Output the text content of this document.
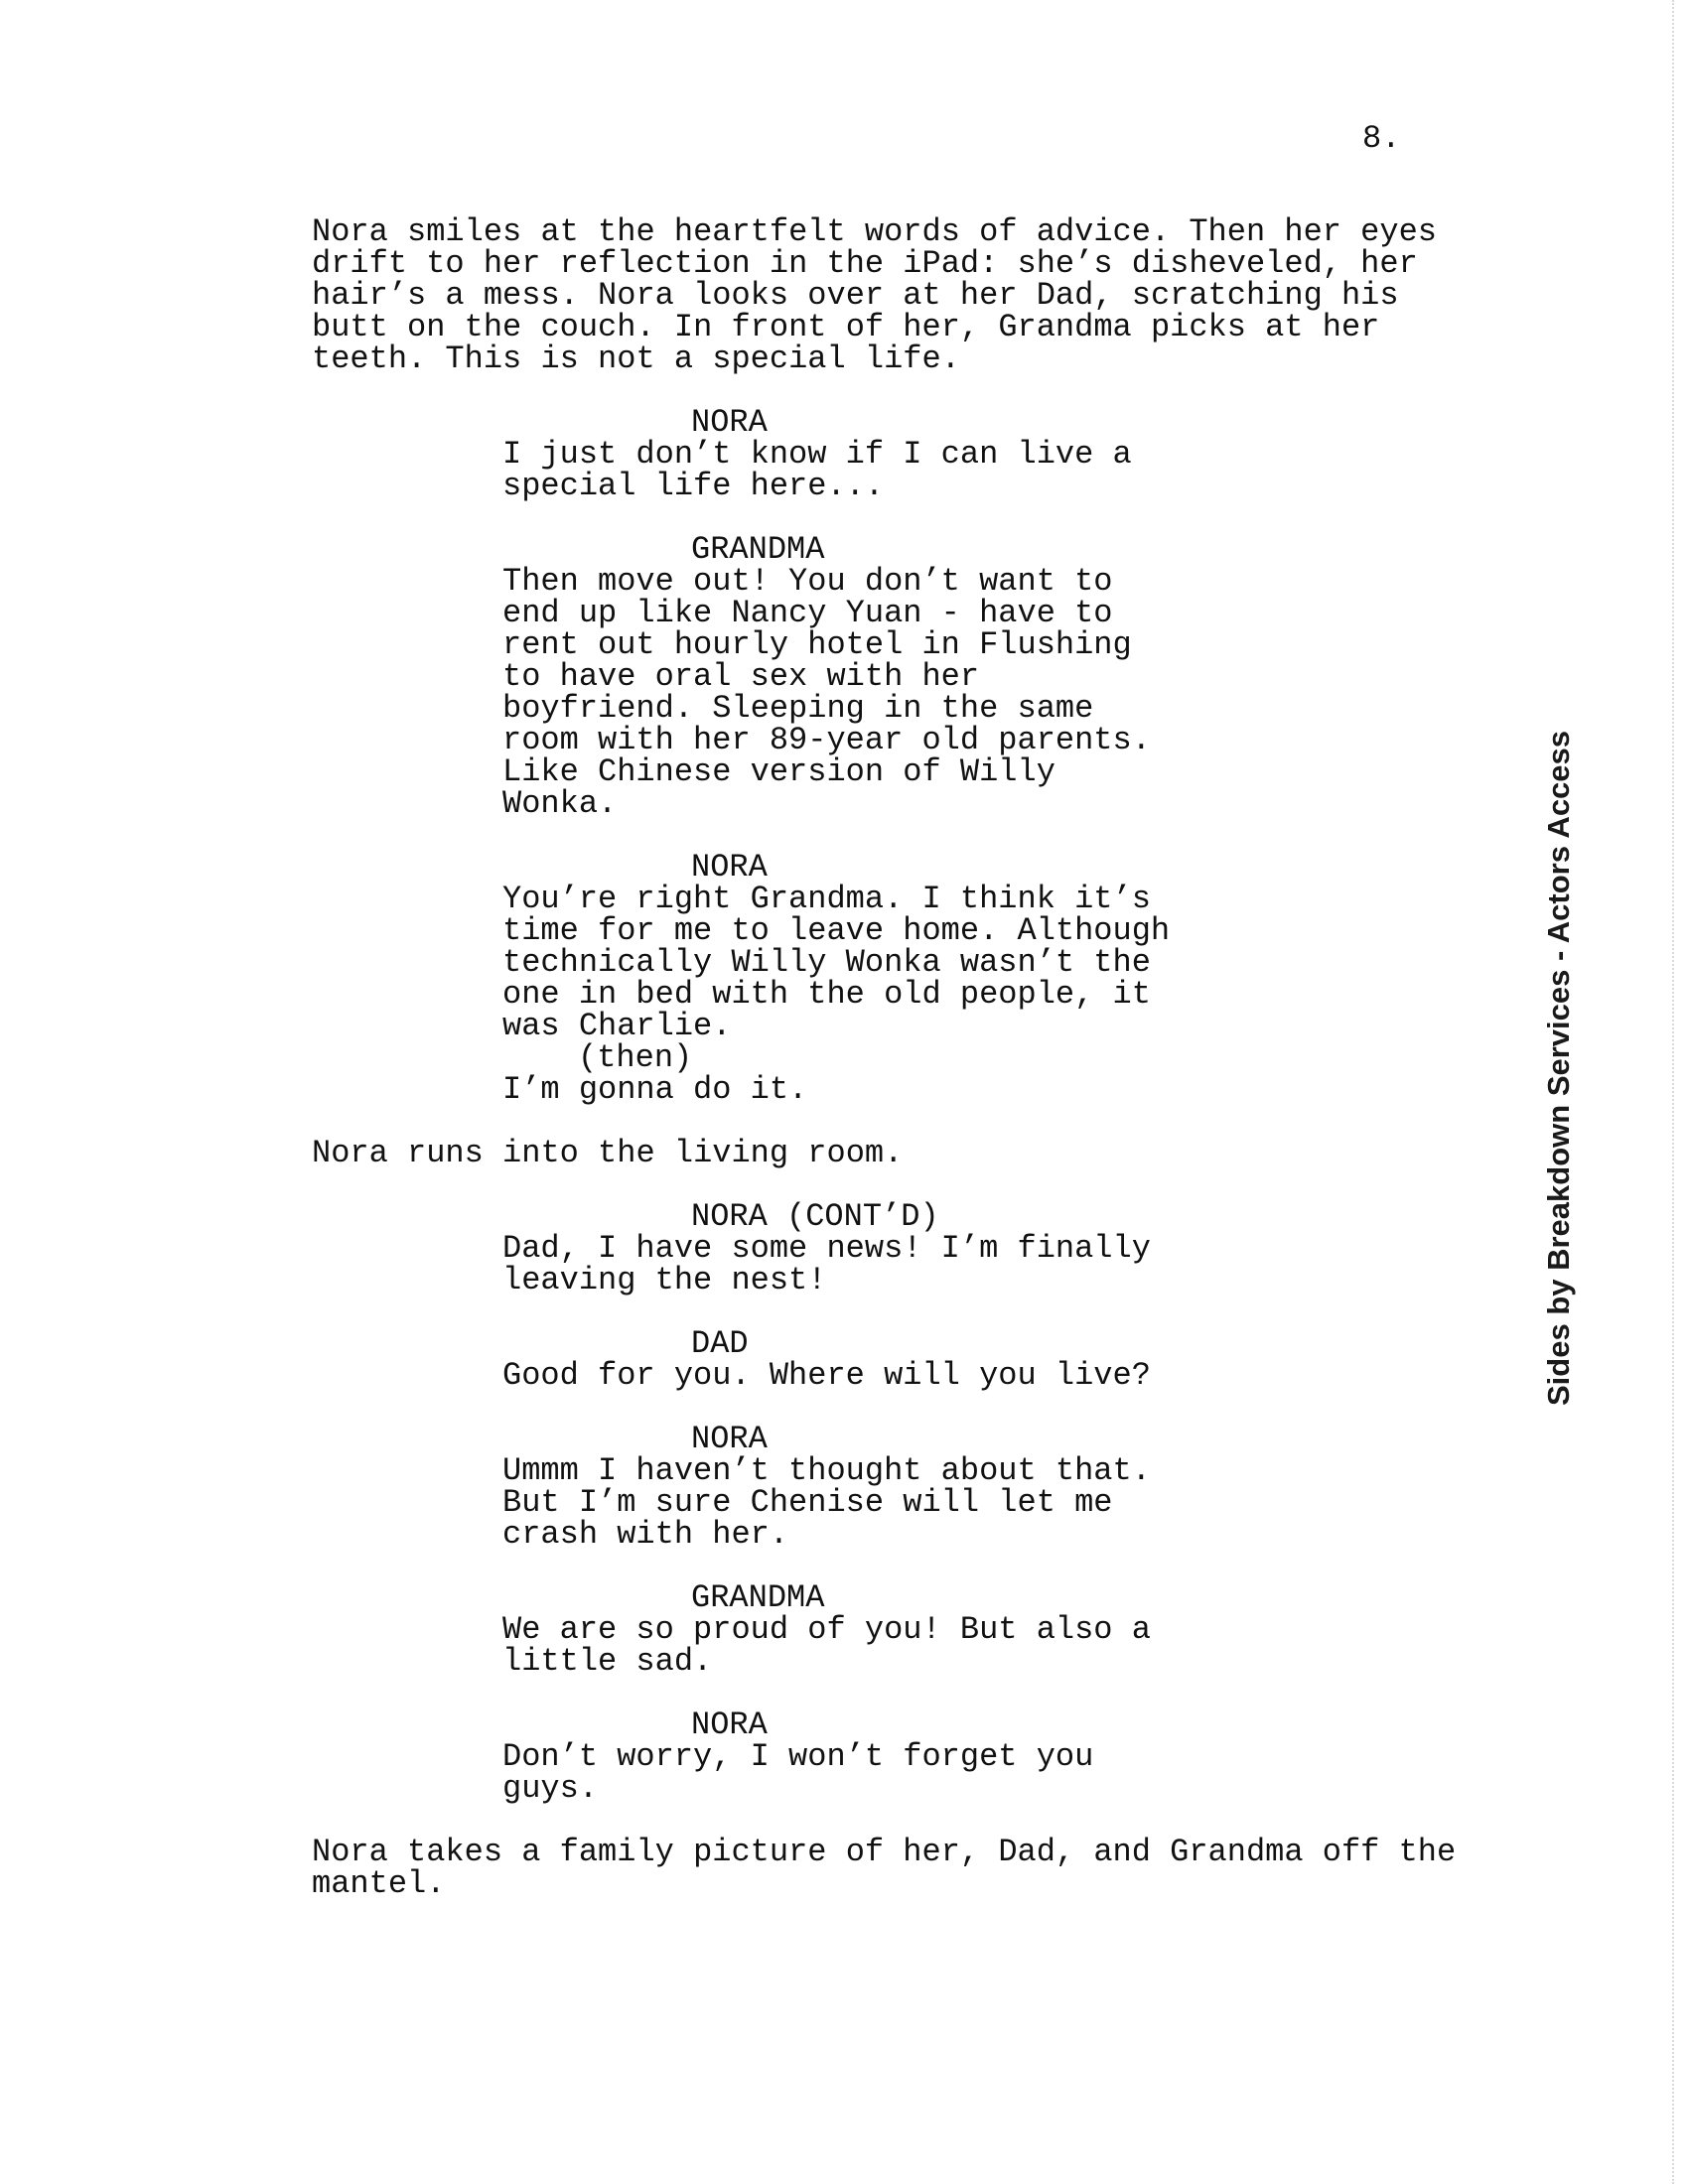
8.
Nora smiles at the heartfelt words of advice. Then her eyes
drift to her reflection in the iPad: she’s disheveled, her
hair’s a mess. Nora looks over at her Dad, scratching his
butt on the couch. In front of her, Grandma picks at her
teeth. This is not a special life.
NORA
I just don’t know if I can live a
special life here...
GRANDMA
Then move out! You don’t want to
end up like Nancy Yuan - have to
rent out hourly hotel in Flushing
to have oral sex with her
boyfriend. Sleeping in the same
room with her 89-year old parents.
Like Chinese version of Willy
Wonka.
NORA
You’re right Grandma. I think it’s
time for me to leave home. Although
technically Willy Wonka wasn’t the
one in bed with the old people, it
was Charlie.
(then)
I’m gonna do it.
Nora runs into the living room.
NORA (CONT’D)
Dad, I have some news! I’m finally
leaving the nest!
DAD
Good for you. Where will you live?
NORA
Ummm I haven’t thought about that.
But I’m sure Chenise will let me
crash with her.
GRANDMA
We are so proud of you! But also a
little sad.
NORA
Don’t worry, I won’t forget you
guys.
Nora takes a family picture of her, Dad, and Grandma off the
mantel.
Sides by Breakdown Services - Actors Access
